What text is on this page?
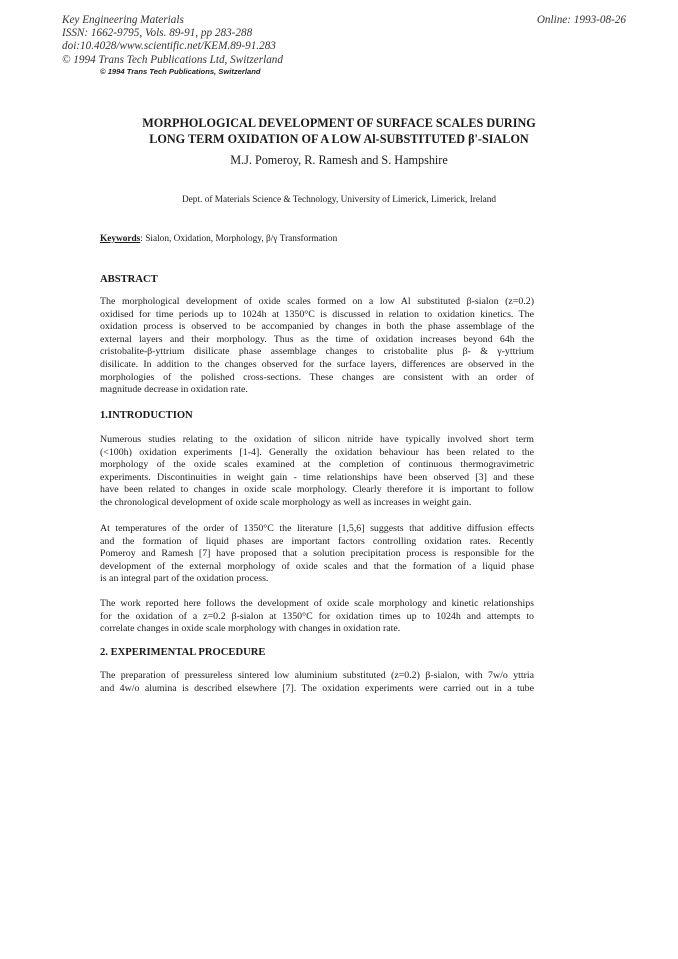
Key Engineering Materials
ISSN: 1662-9795, Vols. 89-91, pp 283-288
doi:10.4028/www.scientific.net/KEM.89-91.283
© 1994 Trans Tech Publications Ltd, Switzerland
Online: 1993-08-26
© 1994 Trans Tech Publications, Switzerland
MORPHOLOGICAL DEVELOPMENT OF SURFACE SCALES DURING
LONG TERM OXIDATION OF A LOW Al-SUBSTITUTED β'-SIALON
M.J. Pomeroy, R. Ramesh and S. Hampshire
Dept. of Materials Science & Technology, University of Limerick, Limerick, Ireland
Keywords: Sialon, Oxidation, Morphology, β/γ Transformation
ABSTRACT
The morphological development of oxide scales formed on a low Al substituted β-sialon (z=0.2)
oxidised for time periods up to 1024h at 1350°C is discussed in relation to oxidation kinetics. The
oxidation process is observed to be accompanied by changes in both the phase assemblage of the
external layers and their morphology. Thus as the time of oxidation increases beyond 64h the
cristobalite-β-yttrium disilicate phase assemblage changes to cristobalite plus β- & γ-yttrium
disilicate. In addition to the changes observed for the surface layers, differences are observed in the
morphologies of the polished cross-sections. These changes are consistent with an order of
magnitude decrease in oxidation rate.
1.INTRODUCTION
Numerous studies relating to the oxidation of silicon nitride have typically involved short term
(<100h) oxidation experiments [1-4]. Generally the oxidation behaviour has been related to the
morphology of the oxide scales examined at the completion of continuous thermogravimetric
experiments. Discontinuities in weight gain - time relationships have been observed [3] and these
have been related to changes in oxide scale morphology. Clearly therefore it is important to follow
the chronological development of oxide scale morphology as well as increases in weight gain.
At temperatures of the order of 1350°C the literature [1,5,6] suggests that additive diffusion effects
and the formation of liquid phases are important factors controlling oxidation rates. Recently
Pomeroy and Ramesh [7] have proposed that a solution precipitation process is responsible for the
development of the external morphology of oxide scales and that the formation of a liquid phase
is an integral part of the oxidation process.
The work reported here follows the development of oxide scale morphology and kinetic relationships
for the oxidation of a z=0.2 β-sialon at 1350°C for oxidation times up to 1024h and attempts to
correlate changes in oxide scale morphology with changes in oxidation rate.
2. EXPERIMENTAL PROCEDURE
The preparation of pressureless sintered low aluminium substituted (z=0.2) β-sialon, with 7w/o yttria
and 4w/o alumina is described elsewhere [7]. The oxidation experiments were carried out in a tube
